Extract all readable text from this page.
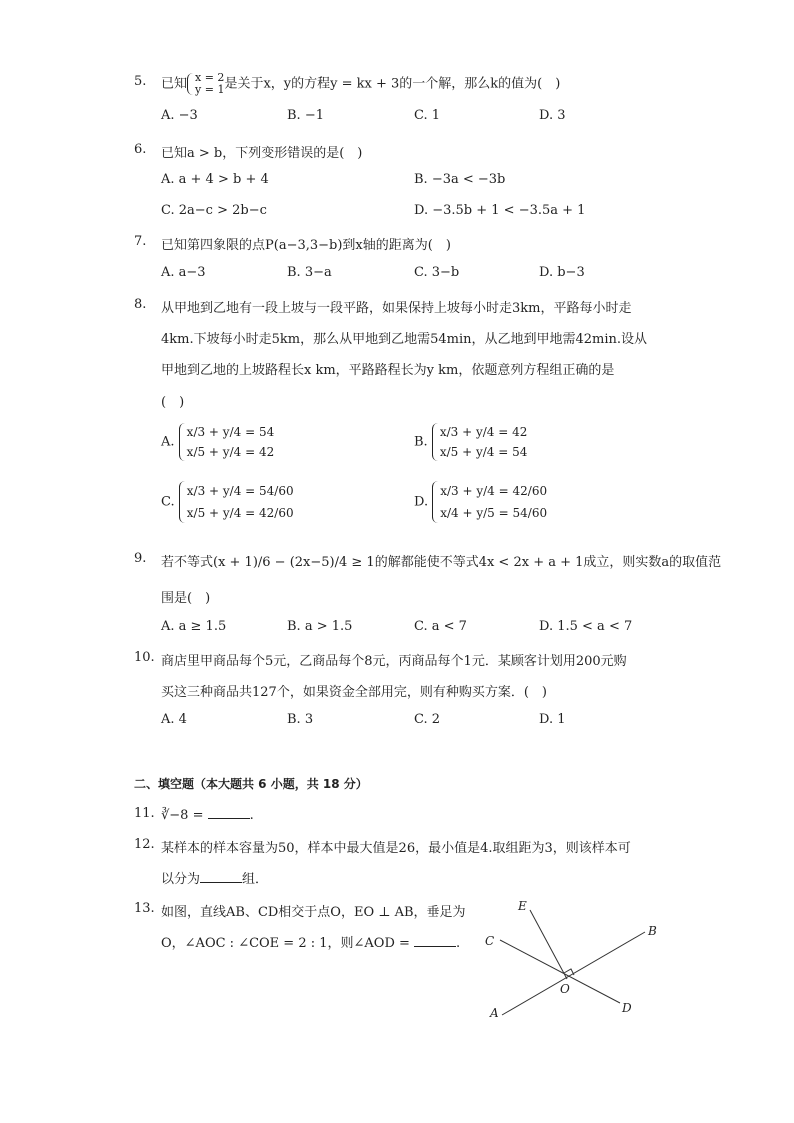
5.	已知 x = 2
y = 1是关于x，y的方程y = kx + 3的一个解，那么k的值为(　)
A. −3	B. −1	C. 1	D. 3
6. 已知a > b，下列变形错误的是(　)
A. a + 4 > b + 4	B. −3a < −3b
C. 2a−c > 2b−c	D. −3.5b + 1 < −3.5a + 1
7. 已知第四象限的点P(a−3,3−b)到x轴的距离为(　)
A. a−3	B. 3−a	C. 3−b	D. b−3
8. 从甲地到乙地有一段上坡与一段平路，如果保持上坡每小时走3km，平路每小时走
4km.下坡每小时走5km，那么从甲地到乙地需54min，从乙地到甲地需42min.设从
甲地到乙地的上坡路程长x km，平路路程长为y km，依题意列方程组正确的是
(　)
A. x/3 + y/4 = 54
x/5 + y/4 = 42
B. x/3 + y/4 = 42
x/5 + y/4 = 54
C. x/3 + y/4 = 54/60
x/5 + y/4 = 42/60
D. x/3 + y/4 = 42/60
x/4 + y/5 = 54/60
9. 若不等式(x + 1)/6 − (2x−5)/4 ≥ 1的解都能使不等式4x < 2x + a + 1成立，则实数a的取值范
围是(　)
A. a ≥ 1.5	B. a > 1.5	C. a < 7	D. 1.5 < a < 7
10. 商店里甲商品每个5元，乙商品每个8元，丙商品每个1元．某顾客计划用200元购
买这三种商品共127个，如果资金全部用完，则有种购买方案．(　)
A. 4	B. 3	C. 2	D. 1
二、填空题（本大题共 6 小题，共 18 分）
11. ∛−8 =	.
12. 某样本的样本容量为50，样本中最大值是26，最小值是4.取组距为3，则该样本可
以分为	组．
13. 如图，直线AB、CD相交于点O，EO ⊥ AB，垂足为
O，∠AOC : ∠COE = 2 : 1，则∠AOD =	.
E
C
B
O
D
A
